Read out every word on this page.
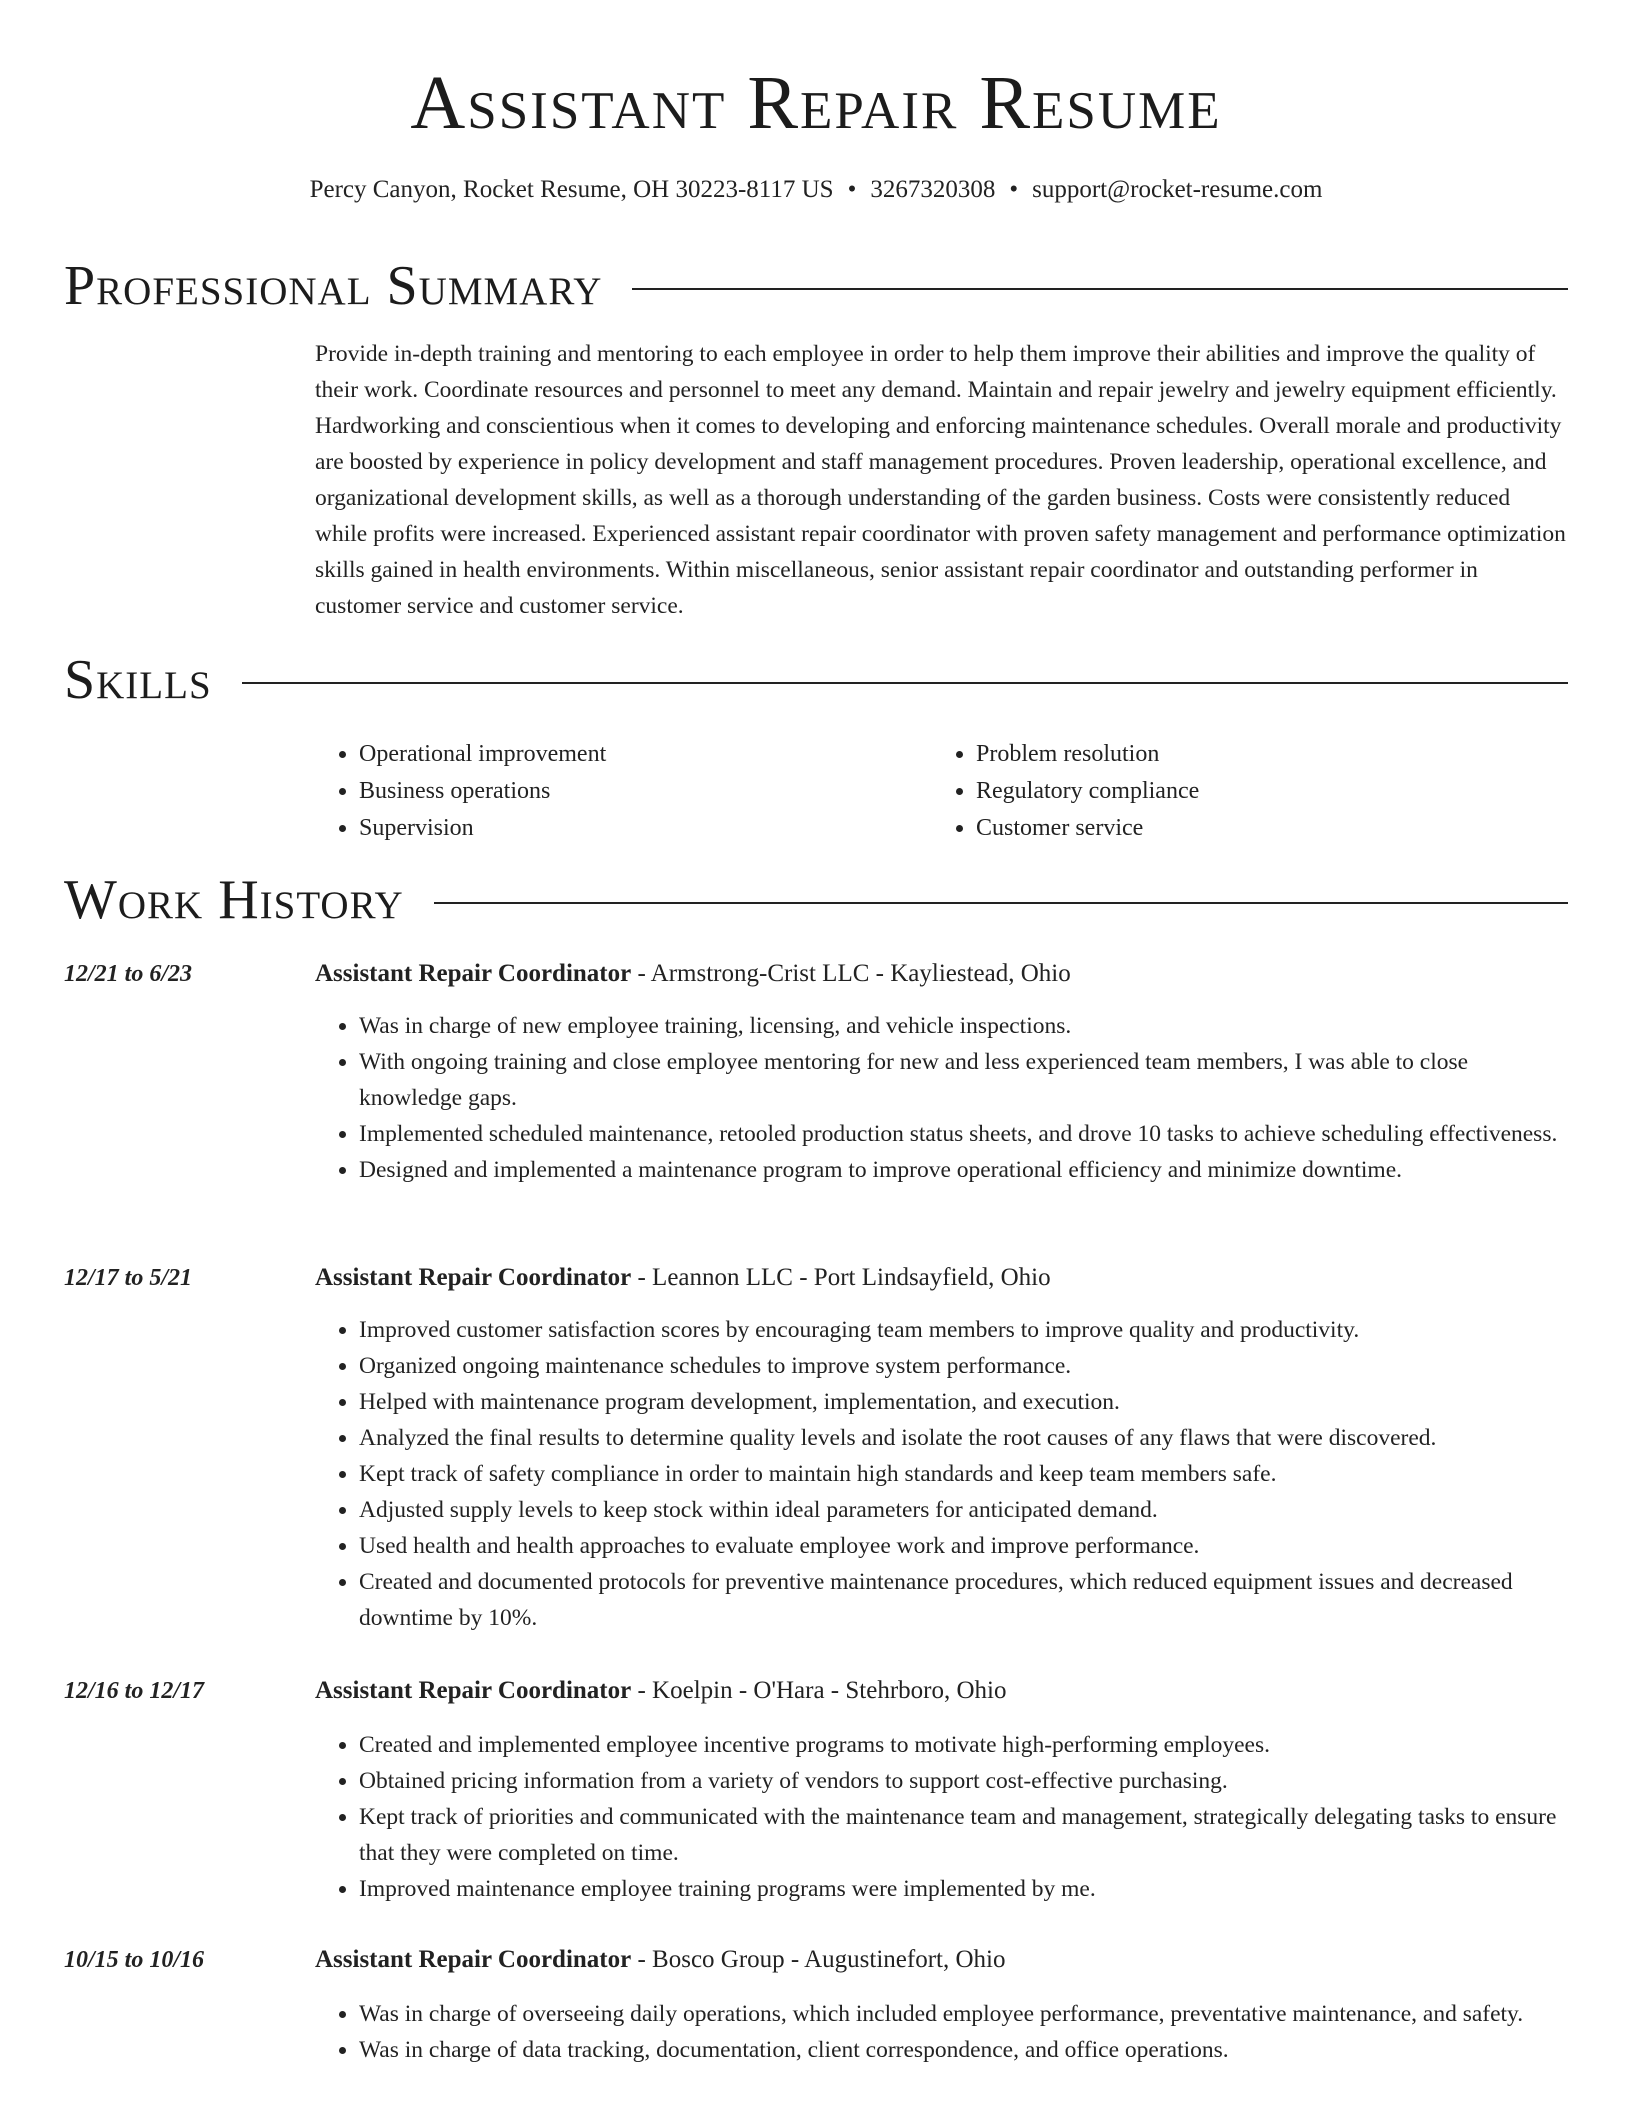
Assistant Repair Resume
Percy Canyon, Rocket Resume, OH 30223-8117 US • 3267320308 • support@rocket-resume.com
Professional Summary

Provide in-depth training and mentoring to each employee in order to help them improve their abilities and improve the quality of their work. Coordinate resources and personnel to meet any demand. Maintain and repair jewelry and jewelry equipment efficiently. Hardworking and conscientious when it comes to developing and enforcing maintenance schedules. Overall morale and productivity are boosted by experience in policy development and staff management procedures. Proven leadership, operational excellence, and organizational development skills, as well as a thorough understanding of the garden business. Costs were consistently reduced while profits were increased. Experienced assistant repair coordinator with proven safety management and performance optimization skills gained in health environments. Within miscellaneous, senior assistant repair coordinator and outstanding performer in customer service and customer service.

Skills
• Operational improvement
• Business operations
• Supervision
• Problem resolution
• Regulatory compliance
• Customer service
Work History
12/21 to 6/23	Assistant Repair Coordinator - Armstrong-Crist LLC - Kayliestead, Ohio
• Was in charge of new employee training, licensing, and vehicle inspections.
• With ongoing training and close employee mentoring for new and less experienced team members, I was able to close knowledge gaps.
• Implemented scheduled maintenance, retooled production status sheets, and drove 10 tasks to achieve scheduling effectiveness.
• Designed and implemented a maintenance program to improve operational efficiency and minimize downtime.
12/17 to 5/21	Assistant Repair Coordinator - Leannon LLC - Port Lindsayfield, Ohio
• Improved customer satisfaction scores by encouraging team members to improve quality and productivity.
• Organized ongoing maintenance schedules to improve system performance.
• Helped with maintenance program development, implementation, and execution.
• Analyzed the final results to determine quality levels and isolate the root causes of any flaws that were discovered.
• Kept track of safety compliance in order to maintain high standards and keep team members safe.
• Adjusted supply levels to keep stock within ideal parameters for anticipated demand.
• Used health and health approaches to evaluate employee work and improve performance.
• Created and documented protocols for preventive maintenance procedures, which reduced equipment issues and decreased downtime by 10%.
12/16 to 12/17	Assistant Repair Coordinator - Koelpin - O'Hara - Stehrboro, Ohio
• Created and implemented employee incentive programs to motivate high-performing employees.
• Obtained pricing information from a variety of vendors to support cost-effective purchasing.
• Kept track of priorities and communicated with the maintenance team and management, strategically delegating tasks to ensure that they were completed on time.
• Improved maintenance employee training programs were implemented by me.
10/15 to 10/16	Assistant Repair Coordinator - Bosco Group - Augustinefort, Ohio
• Was in charge of overseeing daily operations, which included employee performance, preventative maintenance, and safety.
• Was in charge of data tracking, documentation, client correspondence, and office operations.
